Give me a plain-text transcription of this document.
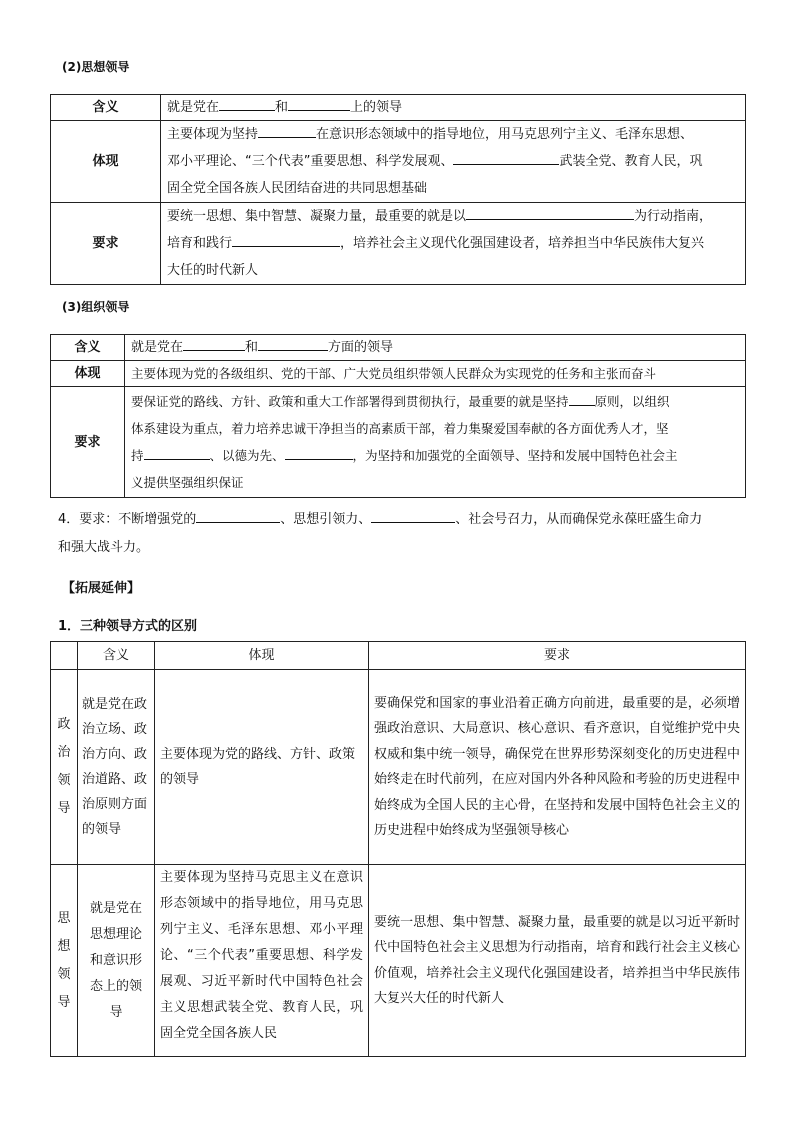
(2)思想领导
含义	就是党在 和 上的领导
体现	主要体现为坚持 在意识形态领域中的指导地位，用马克思列宁主义、毛泽东思想、
邓小平理论、“三个代表”重要思想、科学发展观、 武装全党、教育人民，巩
固全党全国各族人民团结奋进的共同思想基础
要求	要统一思想、集中智慧、凝聚力量，最重要的就是以 为行动指南，
培育和践行 ，培养社会主义现代化强国建设者，培养担当中华民族伟大复兴
大任的时代新人
(3)组织领导
含义	就是党在 和 方面的领导
体现	主要体现为党的各级组织、党的干部、广大党员组织带领人民群众为实现党的任务和主张而奋斗
要求	要保证党的路线、方针、政策和重大工作部署得到贯彻执行，最重要的就是坚持 原则，以组织
体系建设为重点，着力培养忠诚干净担当的高素质干部，着力集聚爱国奉献的各方面优秀人才，坚
持 、以德为先、 ，为坚持和加强党的全面领导、坚持和发展中国特色社会主
义提供坚强组织保证
4．要求：不断增强党的	、思想引领力、	、社会号召力，从而确保党永葆旺盛生命力
和强大战斗力。
【拓展延伸】
1．三种领导方式的区别
	含义	体现	要求
政治领导	就是党在政治立场、政治方向、政治道路、政治原则方面的领导	主要体现为党的路线、方针、政策的领导	要确保党和国家的事业沿着正确方向前进，最重要的是，必须增强政治意识、大局意识、核心意识、看齐意识，自觉维护党中央权威和集中统一领导，确保党在世界形势深刻变化的历史进程中始终走在时代前列，在应对国内外各种风险和考验的历史进程中始终成为全国人民的主心骨，在坚持和发展中国特色社会主义的历史进程中始终成为坚强领导核心
思想领导	就是党在思想理论和意识形态上的领导	主要体现为坚持马克思主义在意识形态领域中的指导地位，用马克思列宁主义、毛泽东思想、邓小平理论、“三个代表”重要思想、科学发展观、习近平新时代中国特色社会主义思想武装全党、教育人民，巩固全党全国各族人民	要统一思想、集中智慧、凝聚力量，最重要的就是以习近平新时代中国特色社会主义思想为行动指南，培育和践行社会主义核心价值观，培养社会主义现代化强国建设者，培养担当中华民族伟大复兴大任的时代新人
